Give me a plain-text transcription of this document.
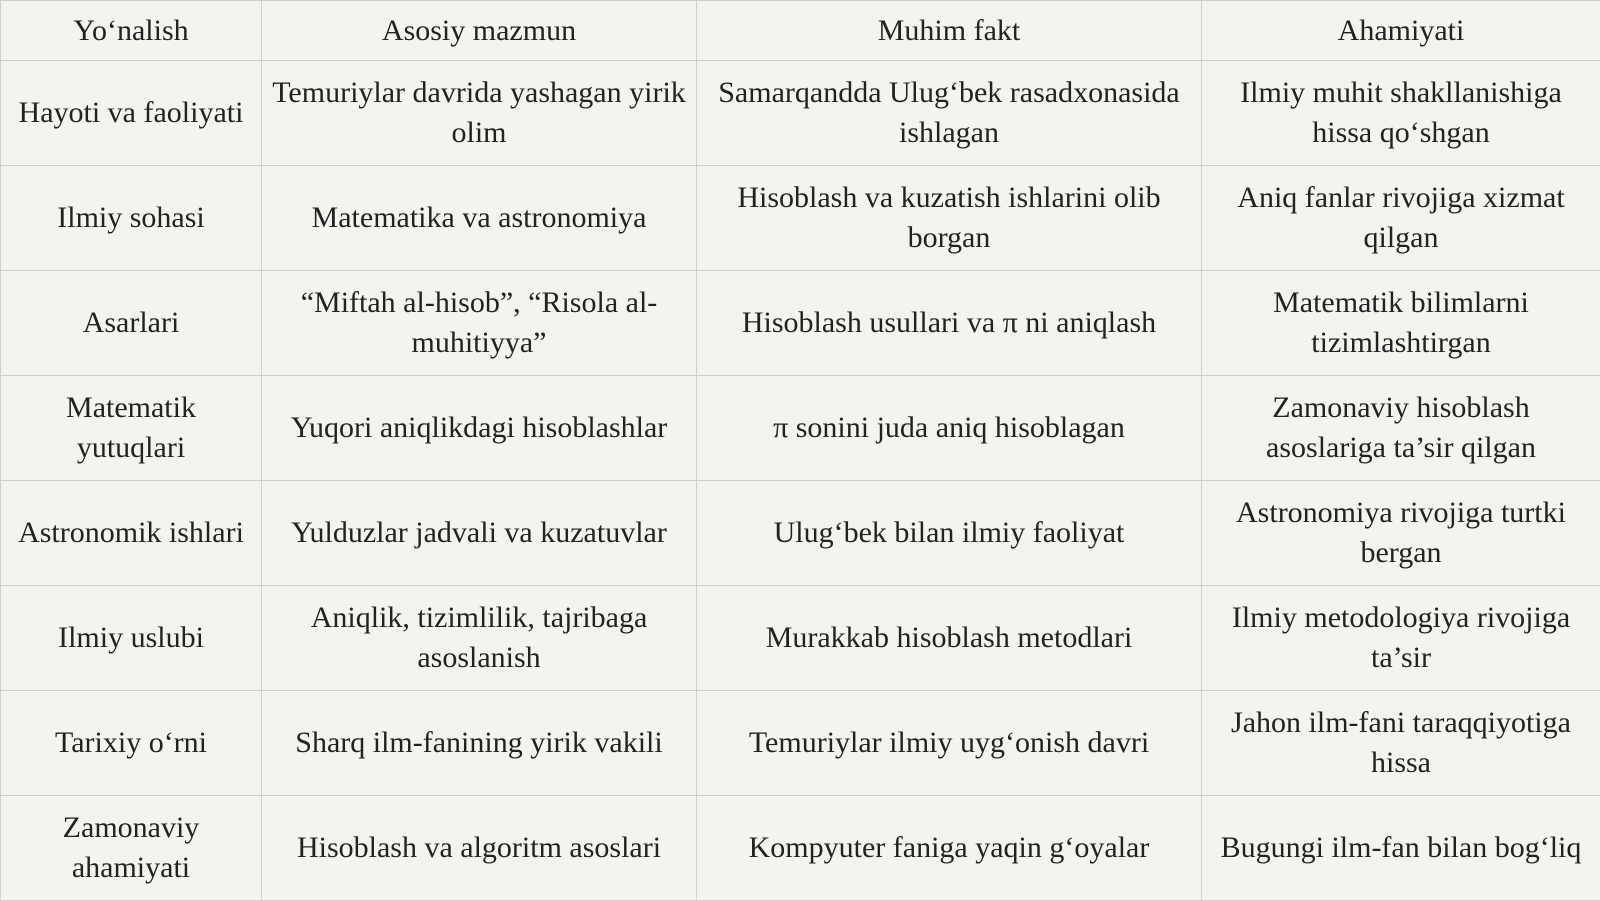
Yo‘nalish	Asosiy mazmun	Muhim fakt	Ahamiyati
Hayoti va faoliyati	Temuriylar davrida yashagan yirik olim	Samarqandda Ulug‘bek rasadxonasida ishlagan	Ilmiy muhit shakllanishiga hissa qo‘shgan
Ilmiy sohasi	Matematika va astronomiya	Hisoblash va kuzatish ishlarini olib borgan	Aniq fanlar rivojiga xizmat qilgan
Asarlari	“Miftah al-hisob”, “Risola al-muhitiyya”	Hisoblash usullari va π ni aniqlash	Matematik bilimlarni tizimlashtirgan
Matematik yutuqlari	Yuqori aniqlikdagi hisoblashlar	π sonini juda aniq hisoblagan	Zamonaviy hisoblash asoslariga ta’sir qilgan
Astronomik ishlari	Yulduzlar jadvali va kuzatuvlar	Ulug‘bek bilan ilmiy faoliyat	Astronomiya rivojiga turtki bergan
Ilmiy uslubi	Aniqlik, tizimlilik, tajribaga asoslanish	Murakkab hisoblash metodlari	Ilmiy metodologiya rivojiga ta’sir
Tarixiy o‘rni	Sharq ilm-fanining yirik vakili	Temuriylar ilmiy uyg‘onish davri	Jahon ilm-fani taraqqiyotiga hissa
Zamonaviy ahamiyati	Hisoblash va algoritm asoslari	Kompyuter faniga yaqin g‘oyalar	Bugungi ilm-fan bilan bog‘liq
